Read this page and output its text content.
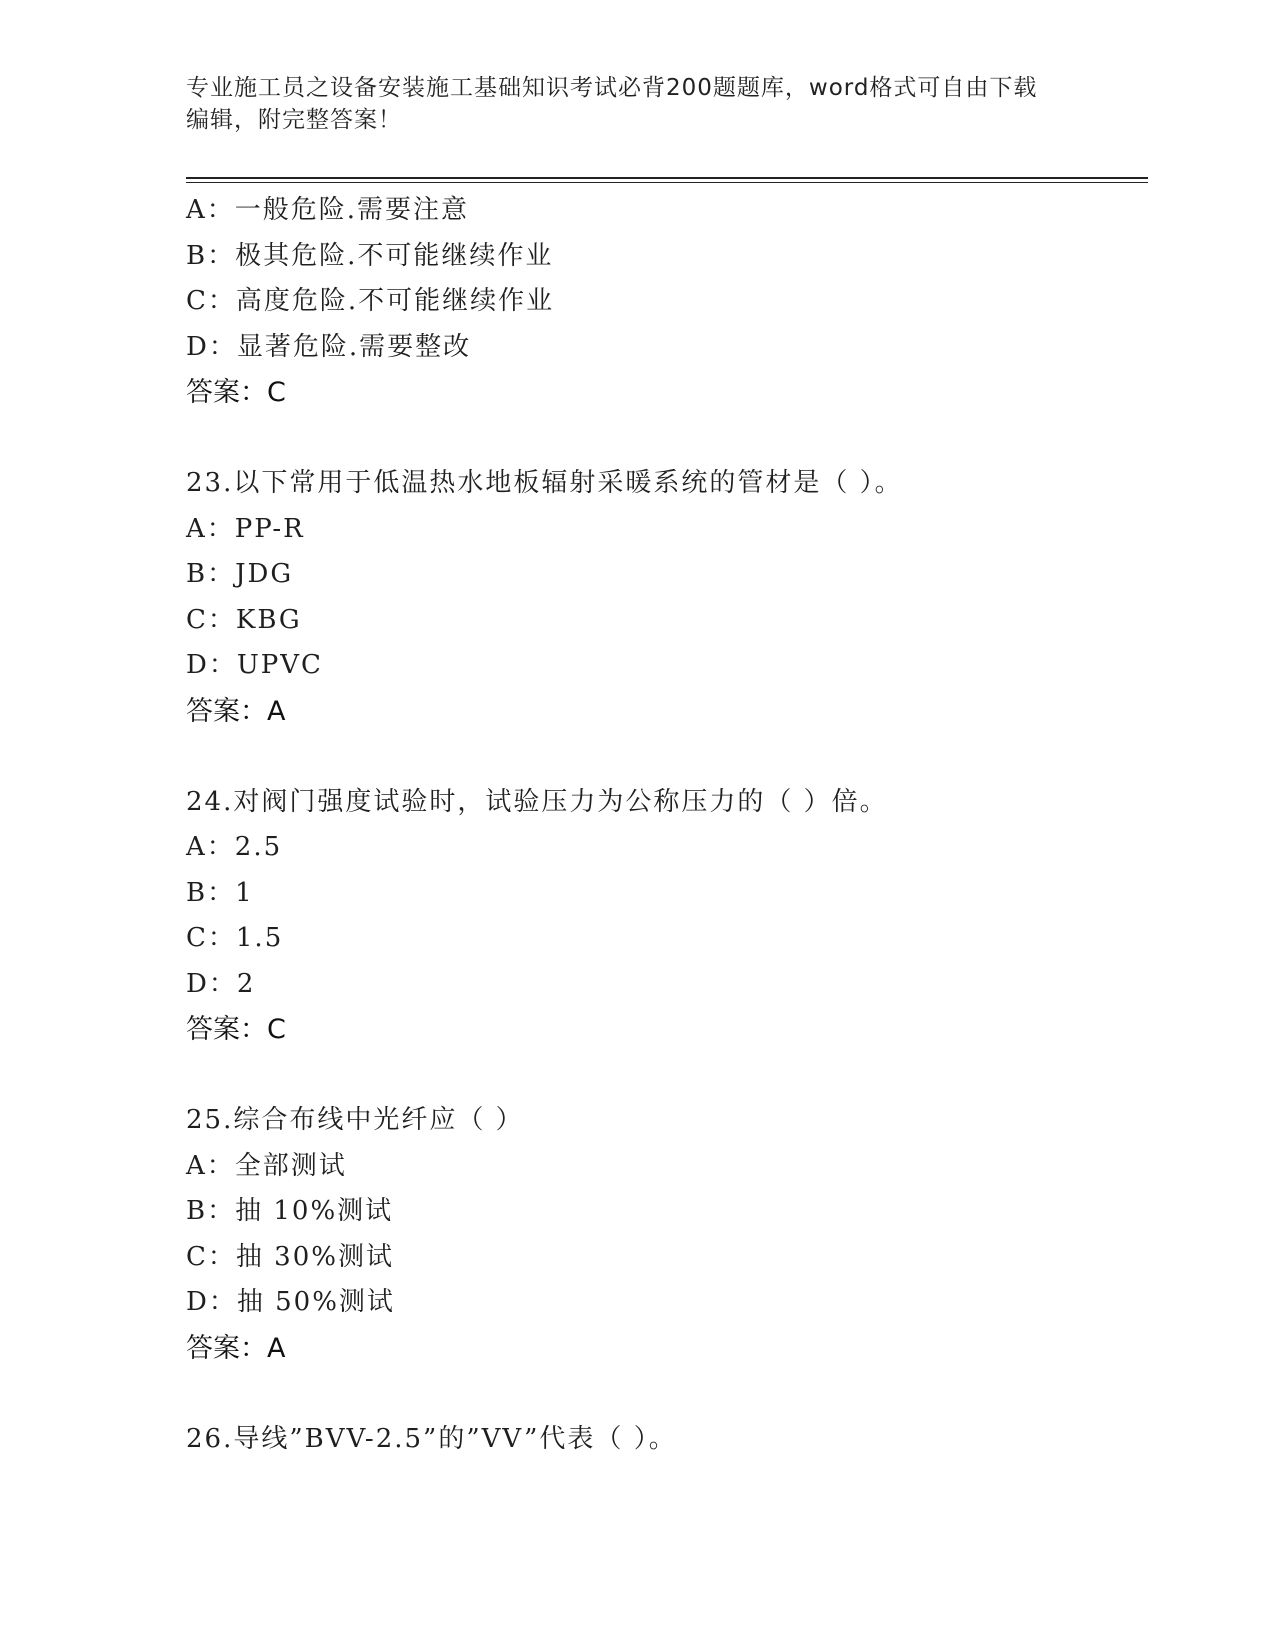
专业施工员之设备安装施工基础知识考试必背200题题库，word格式可自由下载
编辑，附完整答案！
A：一般危险.需要注意
B：极其危险.不可能继续作业
C：高度危险.不可能继续作业
D：显著危险.需要整改
答案：C
23.以下常用于低温热水地板辐射采暖系统的管材是（ ）。
A：PP-R
B：JDG
C：KBG
D：UPVC
答案：A
24.对阀门强度试验时，试验压力为公称压力的（ ）倍。
A：2.5
B：1
C：1.5
D：2
答案：C
25.综合布线中光纤应（ ）
A：全部测试
B：抽 10%测试
C：抽 30%测试
D：抽 50%测试
答案：A
26.导线”BVV-2.5”的”VV”代表（ ）。
